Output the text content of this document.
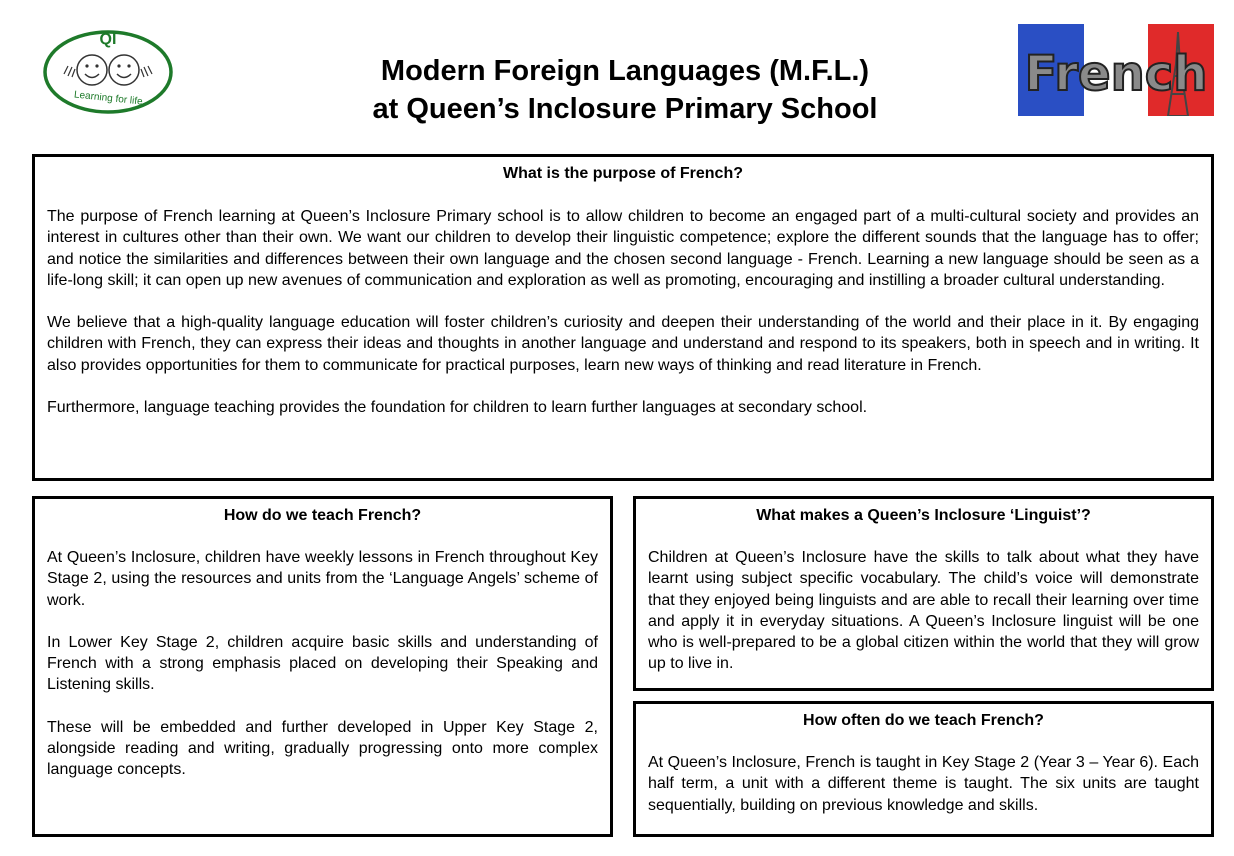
QI
Learning for life
Modern Foreign Languages (M.F.L.)
at Queen’s Inclosure Primary School
French
What is the purpose of French?

The purpose of French learning at Queen’s Inclosure Primary school is to allow children to become an engaged part of a multi-cultural society and provides an interest in cultures other than their own. We want our children to develop their linguistic competence; explore the different sounds that the language has to offer; and notice the similarities and differences between their own language and the chosen second language - French. Learning a new language should be seen as a life-long skill; it can open up new avenues of communication and exploration as well as promoting, encouraging and instilling a broader cultural understanding.

We believe that a high-quality language education will foster children’s curiosity and deepen their understanding of the world and their place in it. By engaging children with French, they can express their ideas and thoughts in another language and understand and respond to its speakers, both in speech and in writing. It also provides opportunities for them to communicate for practical purposes, learn new ways of thinking and read literature in French.

Furthermore, language teaching provides the foundation for children to learn further languages at secondary school.

How do we teach French?

At Queen’s Inclosure, children have weekly lessons in French throughout Key Stage 2, using the resources and units from the ‘Language Angels’ scheme of work.

In Lower Key Stage 2, children acquire basic skills and understanding of French with a strong emphasis placed on developing their Speaking and Listening skills.

These will be embedded and further developed in Upper Key Stage 2, alongside reading and writing, gradually progressing onto more complex language concepts.

What makes a Queen’s Inclosure ‘Linguist’?

Children at Queen’s Inclosure have the skills to talk about what they have learnt using subject specific vocabulary. The child’s voice will demonstrate that they enjoyed being linguists and are able to recall their learning over time and apply it in everyday situations. A Queen’s Inclosure linguist will be one who is well-prepared to be a global citizen within the world that they will grow up to live in.

How often do we teach French?

At Queen’s Inclosure, French is taught in Key Stage 2 (Year 3 – Year 6). Each half term, a unit with a different theme is taught. The six units are taught sequentially, building on previous knowledge and skills.
